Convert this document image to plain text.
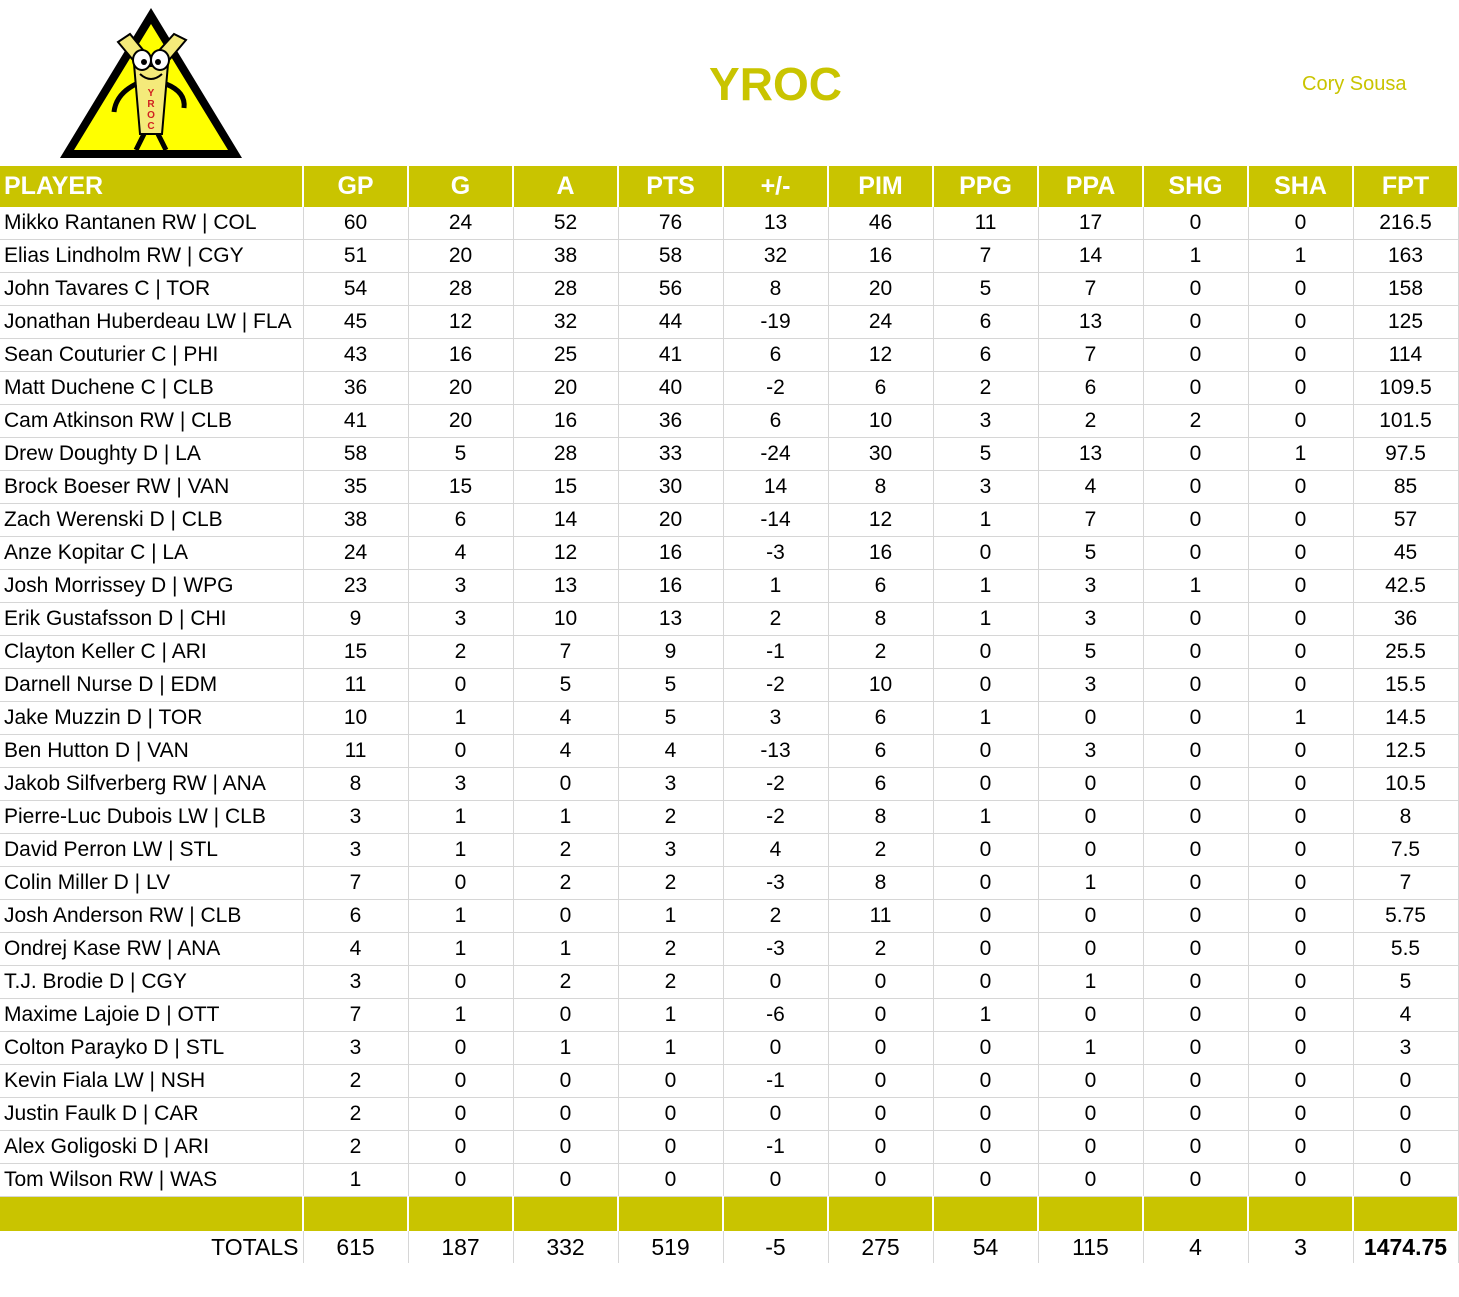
Y
R
O
C
YROC	Cory Sousa
PLAYER	GP	G	A	PTS	+/-	PIM	PPG	PPA	SHG	SHA	FPT
Mikko Rantanen RW | COL	60	24	52	76	13	46	11	17	0	0	216.5
Elias Lindholm RW | CGY	51	20	38	58	32	16	7	14	1	1	163
John Tavares C | TOR	54	28	28	56	8	20	5	7	0	0	158
Jonathan Huberdeau LW | FLA	45	12	32	44	-19	24	6	13	0	0	125
Sean Couturier C | PHI	43	16	25	41	6	12	6	7	0	0	114
Matt Duchene C | CLB	36	20	20	40	-2	6	2	6	0	0	109.5
Cam Atkinson RW | CLB	41	20	16	36	6	10	3	2	2	0	101.5
Drew Doughty D | LA	58	5	28	33	-24	30	5	13	0	1	97.5
Brock Boeser RW | VAN	35	15	15	30	14	8	3	4	0	0	85
Zach Werenski D | CLB	38	6	14	20	-14	12	1	7	0	0	57
Anze Kopitar C | LA	24	4	12	16	-3	16	0	5	0	0	45
Josh Morrissey D | WPG	23	3	13	16	1	6	1	3	1	0	42.5
Erik Gustafsson D | CHI	9	3	10	13	2	8	1	3	0	0	36
Clayton Keller C | ARI	15	2	7	9	-1	2	0	5	0	0	25.5
Darnell Nurse D | EDM	11	0	5	5	-2	10	0	3	0	0	15.5
Jake Muzzin D | TOR	10	1	4	5	3	6	1	0	0	1	14.5
Ben Hutton D | VAN	11	0	4	4	-13	6	0	3	0	0	12.5
Jakob Silfverberg RW | ANA	8	3	0	3	-2	6	0	0	0	0	10.5
Pierre-Luc Dubois LW | CLB	3	1	1	2	-2	8	1	0	0	0	8
David Perron LW | STL	3	1	2	3	4	2	0	0	0	0	7.5
Colin Miller D | LV	7	0	2	2	-3	8	0	1	0	0	7
Josh Anderson RW | CLB	6	1	0	1	2	11	0	0	0	0	5.75
Ondrej Kase RW | ANA	4	1	1	2	-3	2	0	0	0	0	5.5
T.J. Brodie D | CGY	3	0	2	2	0	0	0	1	0	0	5
Maxime Lajoie D | OTT	7	1	0	1	-6	0	1	0	0	0	4
Colton Parayko D | STL	3	0	1	1	0	0	0	1	0	0	3
Kevin Fiala LW | NSH	2	0	0	0	-1	0	0	0	0	0	0
Justin Faulk D | CAR	2	0	0	0	0	0	0	0	0	0	0
Alex Goligoski D | ARI	2	0	0	0	-1	0	0	0	0	0	0
Tom Wilson RW | WAS	1	0	0	0	0	0	0	0	0	0	0

TOTALS	615	187	332	519	-5	275	54	115	4	3	1474.75
